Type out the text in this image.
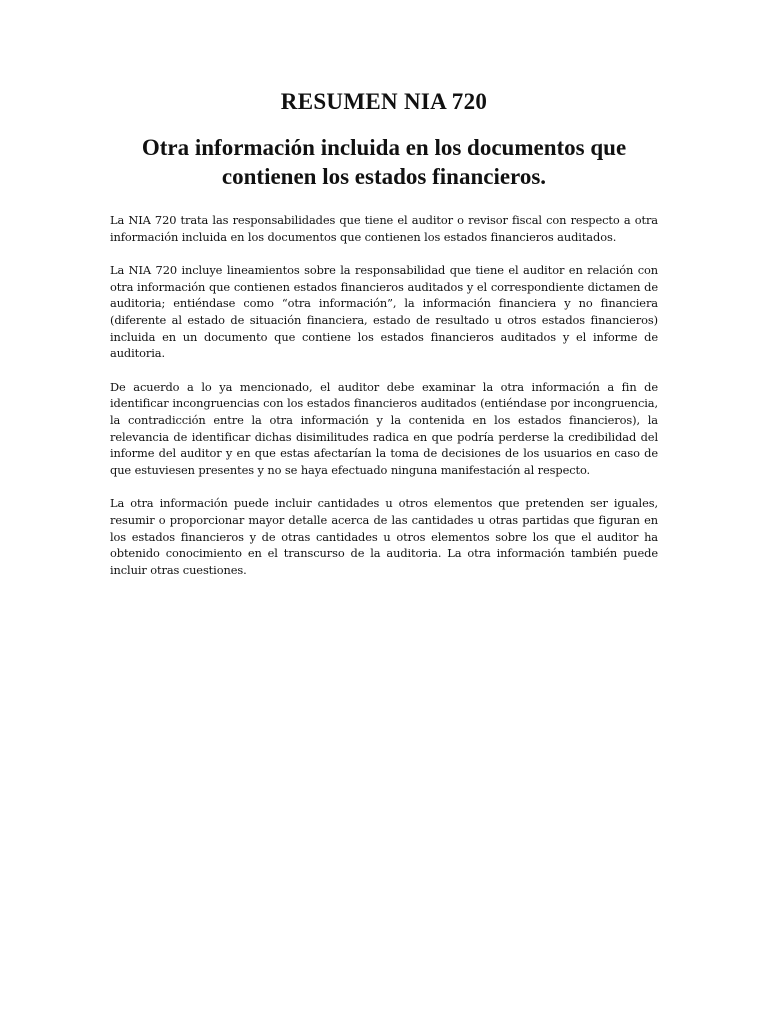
RESUMEN NIA 720
Otra información incluida en los documentos que contienen los estados financieros.

La NIA 720 trata las responsabilidades que tiene el auditor o revisor fiscal con respecto a otra información incluida en los documentos que contienen los estados financieros auditados.

La NIA 720 incluye lineamientos sobre la responsabilidad que tiene el auditor en relación con otra información que contienen estados financieros auditados y el correspondiente dictamen de auditoria; entiéndase como “otra información”, la información financiera y no financiera (diferente al estado de situación financiera, estado de resultado u otros estados financieros) incluida en un documento que contiene los estados financieros auditados y el informe de auditoria.

De acuerdo a lo ya mencionado, el auditor debe examinar la otra información a fin de identificar incongruencias con los estados financieros auditados (entiéndase por incongruencia, la contradicción entre la otra información y la contenida en los estados financieros), la relevancia de identificar dichas disimilitudes radica en que podría perderse la credibilidad del informe del auditor y en que estas afectarían la toma de decisiones de los usuarios en caso de que estuviesen presentes y no se haya efectuado ninguna manifestación al respecto.

La otra información puede incluir cantidades u otros elementos que pretenden ser iguales, resumir o proporcionar mayor detalle acerca de las cantidades u otras partidas que figuran en los estados financieros y de otras cantidades u otros elementos sobre los que el auditor ha obtenido conocimiento en el transcurso de la auditoria. La otra información también puede incluir otras cuestiones.
